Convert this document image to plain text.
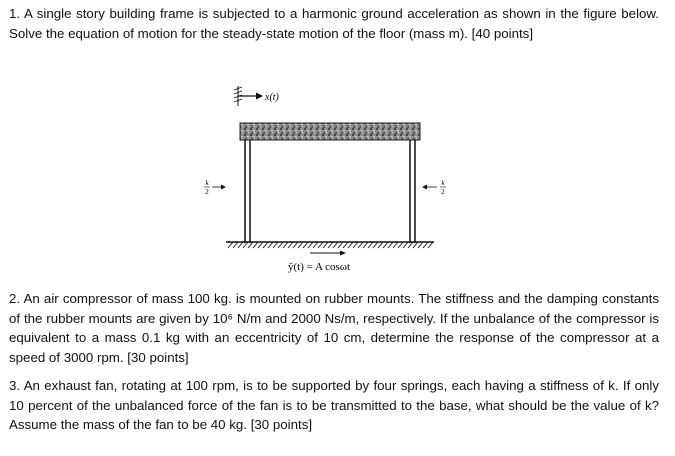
1. A single story building frame is subjected to a harmonic ground acceleration as shown in the figure below. Solve the equation of motion for the steady-state motion of the floor (mass m). [40 points]

x(t)
k
2
k
2
ÿ(t) = A cosωt

2. An air compressor of mass 100 kg. is mounted on rubber mounts. The stiffness and the damping constants of the rubber mounts are given by 10⁶ N/m and 2000 Ns/m, respectively. If the unbalance of the compressor is equivalent to a mass 0.1 kg with an eccentricity of 10 cm, determine the response of the compressor at a speed of 3000 rpm. [30 points]

3. An exhaust fan, rotating at 100 rpm, is to be supported by four springs, each having a stiffness of k. If only 10 percent of the unbalanced force of the fan is to be transmitted to the base, what should be the value of k? Assume the mass of the fan to be 40 kg. [30 points]
